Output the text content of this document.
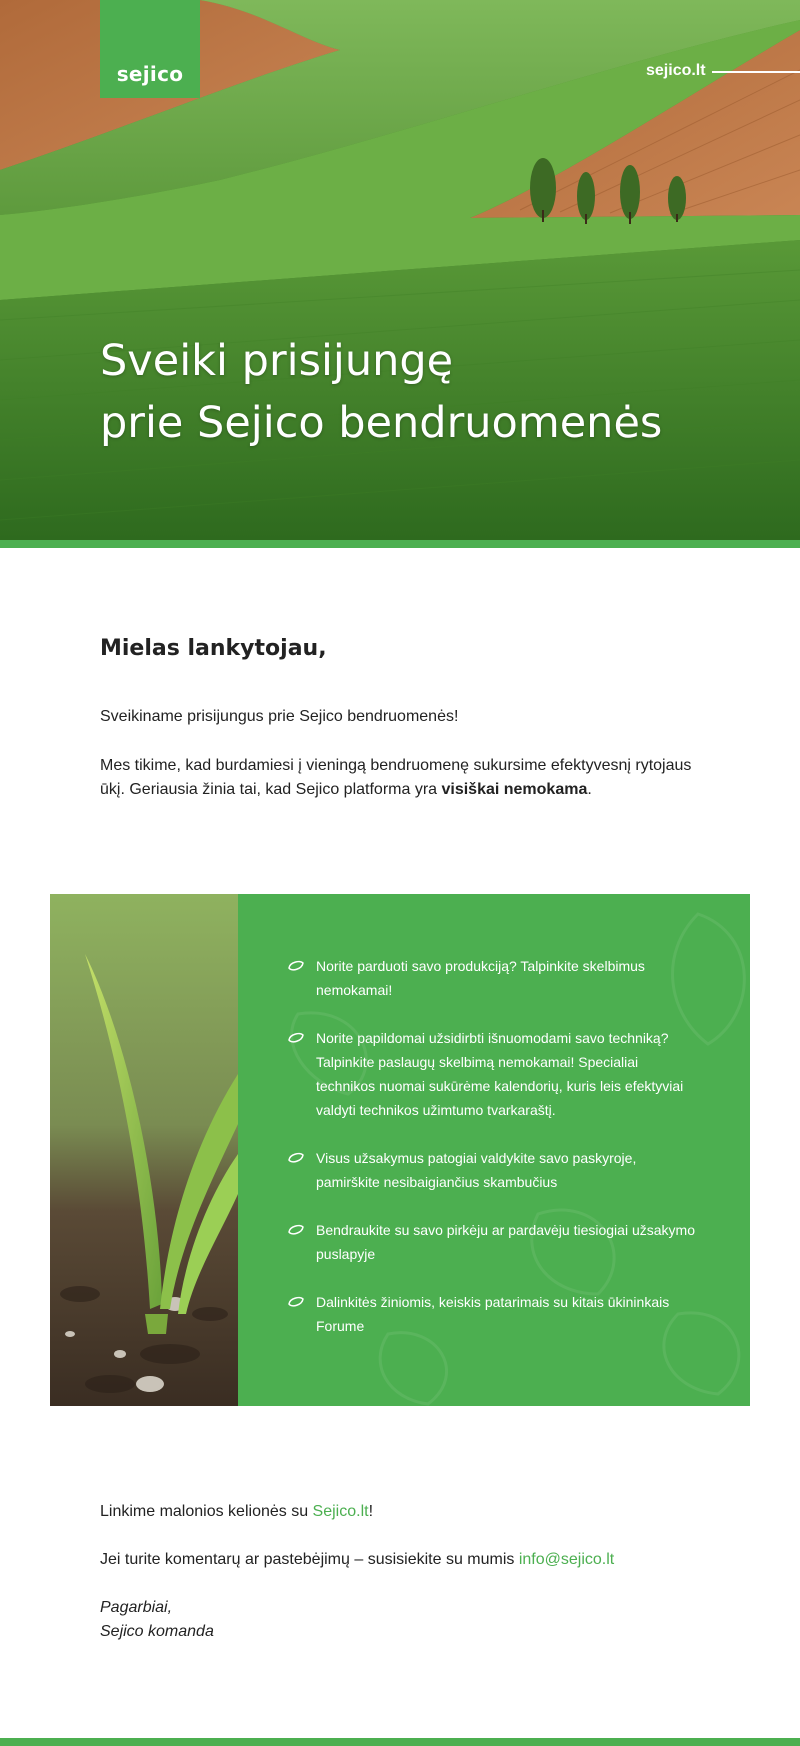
sejico	sejico.lt
Sveiki prisijungę
prie Sejico bendruomenės
Mielas lankytojau,

Sveikiname prisijungus prie Sejico bendruomenės!

Mes tikime, kad burdamiesi į vieningą bendruomenę sukursime efektyvesnį rytojaus ūkį. Geriausia žinia tai, kad Sejico platforma yra visiškai nemokama.

Norite parduoti savo produkciją? Talpinkite skelbimus nemokamai!
Norite papildomai užsidirbti išnuomodami savo techniką? Talpinkite paslaugų skelbimą nemokamai! Specialiai technikos nuomai sukūrėme kalendorių, kuris leis efektyviai valdyti technikos užimtumo tvarkaraštį.
Visus užsakymus patogiai valdykite savo paskyroje, pamirškite nesibaigiančius skambučius
Bendraukite su savo pirkėju ar pardavėju tiesiogiai užsakymo puslapyje
Dalinkitės žiniomis, keiskis patarimais su kitais ūkininkais Forume

Linkime malonios kelionės su Sejico.lt!

Jei turite komentarų ar pastebėjimų – susisiekite su mumis info@sejico.lt

Pagarbiai,
Sejico komanda
